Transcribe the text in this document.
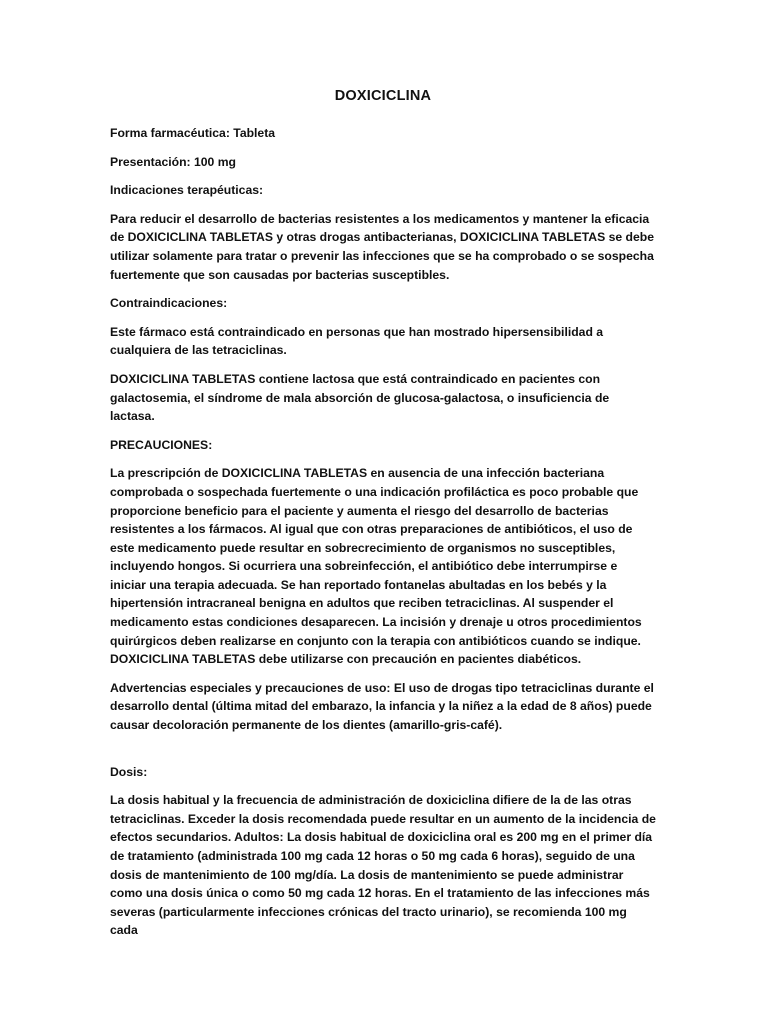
DOXICICLINA

Forma farmacéutica: Tableta

Presentación: 100 mg

Indicaciones terapéuticas:

Para reducir el desarrollo de bacterias resistentes a los medicamentos y mantener la eficacia de DOXICICLINA TABLETAS y otras drogas antibacterianas, DOXICICLINA TABLETAS se debe utilizar solamente para tratar o prevenir las infecciones que se ha comprobado o se sospecha fuertemente que son causadas por bacterias susceptibles.

Contraindicaciones:

Este fármaco está contraindicado en personas que han mostrado hipersensibilidad a cualquiera de las tetraciclinas.

DOXICICLINA TABLETAS contiene lactosa que está contraindicado en pacientes con galactosemia, el síndrome de mala absorción de glucosa-galactosa, o insuficiencia de lactasa.

PRECAUCIONES:

La prescripción de DOXICICLINA TABLETAS en ausencia de una infección bacteriana comprobada o sospechada fuertemente o una indicación profiláctica es poco probable que proporcione beneficio para el paciente y aumenta el riesgo del desarrollo de bacterias resistentes a los fármacos. Al igual que con otras preparaciones de antibióticos, el uso de este medicamento puede resultar en sobrecrecimiento de organismos no susceptibles, incluyendo hongos. Si ocurriera una sobreinfección, el antibiótico debe interrumpirse e iniciar una terapia adecuada. Se han reportado fontanelas abultadas en los bebés y la hipertensión intracraneal benigna en adultos que reciben tetraciclinas. Al suspender el medicamento estas condiciones desaparecen. La incisión y drenaje u otros procedimientos quirúrgicos deben realizarse en conjunto con la terapia con antibióticos cuando se indique. DOXICICLINA TABLETAS debe utilizarse con precaución en pacientes diabéticos.

Advertencias especiales y precauciones de uso: El uso de drogas tipo tetraciclinas durante el desarrollo dental (última mitad del embarazo, la infancia y la niñez a la edad de 8 años) puede causar decoloración permanente de los dientes (amarillo-gris-café).

Dosis:

La dosis habitual y la frecuencia de administración de doxiciclina difiere de la de las otras tetraciclinas. Exceder la dosis recomendada puede resultar en un aumento de la incidencia de efectos secundarios. Adultos: La dosis habitual de doxiciclina oral es 200 mg en el primer día de tratamiento (administrada 100 mg cada 12 horas o 50 mg cada 6 horas), seguido de una dosis de mantenimiento de 100 mg/día. La dosis de mantenimiento se puede administrar como una dosis única o como 50 mg cada 12 horas. En el tratamiento de las infecciones más severas (particularmente infecciones crónicas del tracto urinario), se recomienda 100 mg cada
